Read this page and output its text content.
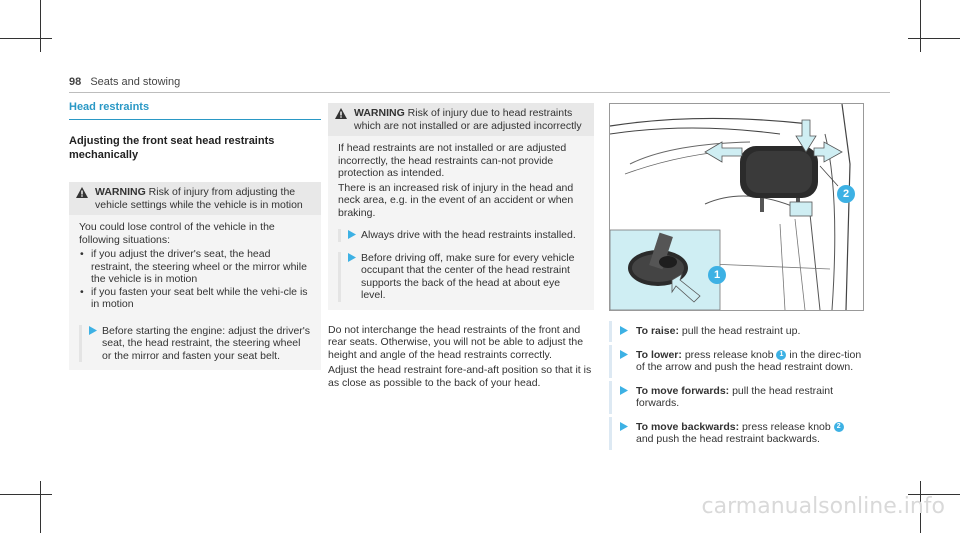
98 Seats and stowing
Head restraints
Adjusting the front seat head restraints mechanically
WARNING Risk of injury from adjusting the vehicle settings while the vehicle is in motion

You could lose control of the vehicle in the following situations:

• if you adjust the driver's seat, the head restraint, the steering wheel or the mirror while the vehicle is in motion
• if you fasten your seat belt while the vehi-cle is in motion
Before starting the engine: adjust the driver's seat, the head restraint, the steering wheel or the mirror and fasten your seat belt.
WARNING Risk of injury due to head restraints which are not installed or are adjusted incorrectly

If head restraints are not installed or are adjusted incorrectly, the head restraints can-not provide protection as intended.

There is an increased risk of injury in the head and neck area, e.g. in the event of an accident or when braking.

Always drive with the head restraints installed.
Before driving off, make sure for every vehicle occupant that the center of the head restraint supports the back of the head at about eye level.

Do not interchange the head restraints of the front and rear seats. Otherwise, you will not be able to adjust the height and angle of the head restraints correctly.

Adjust the head restraint fore-and-aft position so that it is as close as possible to the back of your head.

1
2
To raise: pull the head restraint up.
To lower: press release knob 1 in the direc-tion of the arrow and push the head restraint down.
To move forwards: pull the head restraint forwards.
To move backwards: press release knob 2 and push the head restraint backwards.
carmanualsonline.info
